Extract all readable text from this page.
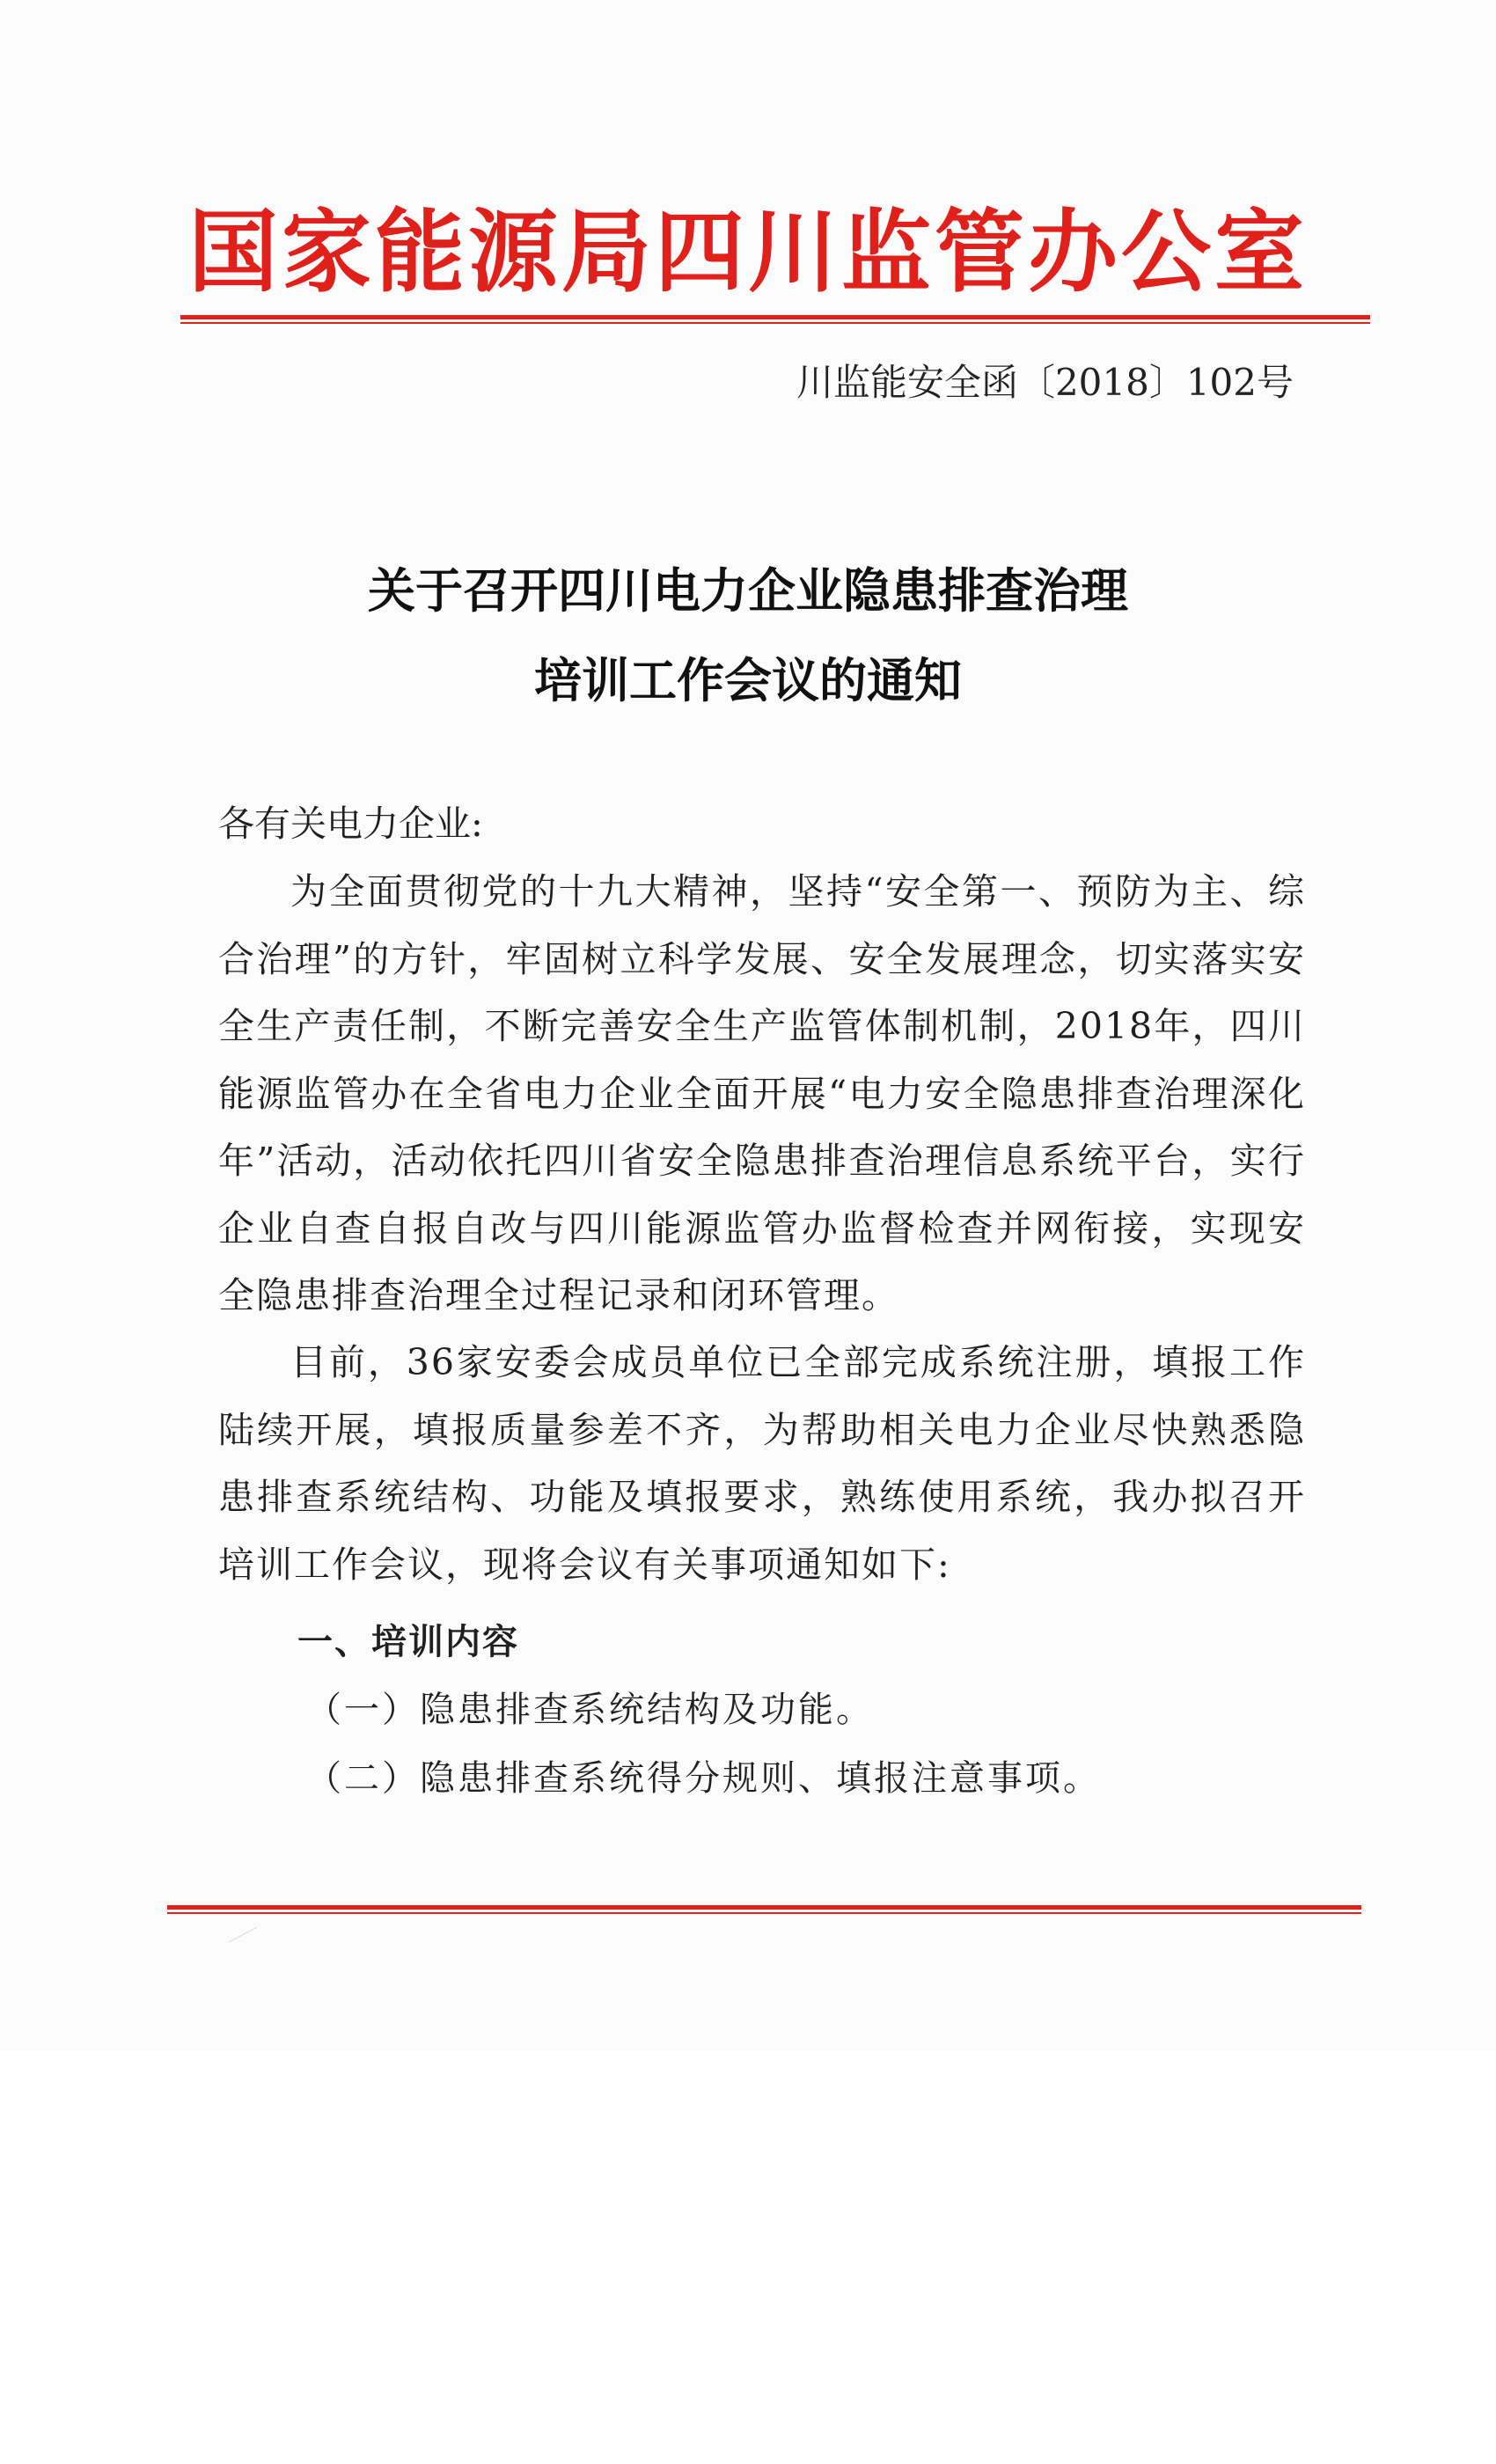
国家能源局四川监管办公室
川监能安全函〔2018〕102号
关于召开四川电力企业隐患排查治理
培训工作会议的通知
各有关电力企业:
为全面贯彻党的十九大精神，坚持“安全第一、预防为主、综合治理”的方针，牢固树立科学发展、安全发展理念，切实落实安全生产责任制，不断完善安全生产监管体制机制，2018年，四川能源监管办在全省电力企业全面开展“电力安全隐患排查治理深化年”活动，活动依托四川省安全隐患排查治理信息系统平台，实行企业自查自报自改与四川能源监管办监督检查并网衔接，实现安全隐患排查治理全过程记录和闭环管理。
目前，36家安委会成员单位已全部完成系统注册，填报工作陆续开展，填报质量参差不齐，为帮助相关电力企业尽快熟悉隐患排查系统结构、功能及填报要求，熟练使用系统，我办拟召开培训工作会议，现将会议有关事项通知如下:
一、培训内容
（一）隐患排查系统结构及功能。
（二）隐患排查系统得分规则、填报注意事项。
